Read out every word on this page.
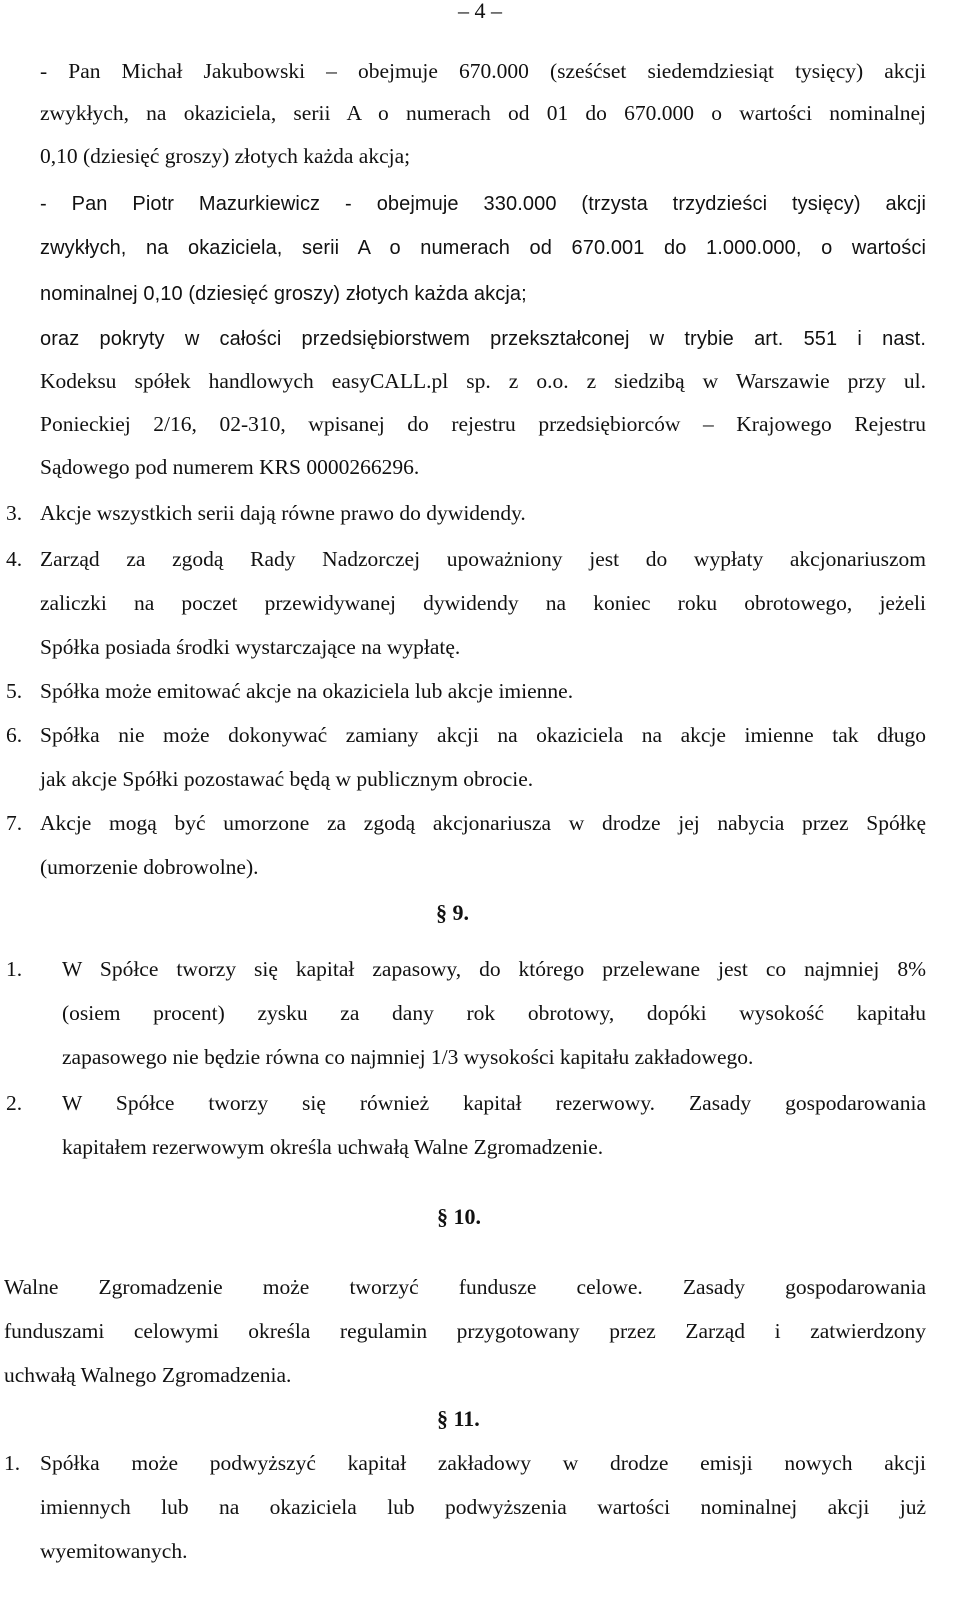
– 4 –
- Pan Michał Jakubowski – obejmuje 670.000 (sześćset siedemdziesiąt tysięcy) akcji
zwykłych, na okaziciela, serii A o numerach od 01 do 670.000 o wartości nominalnej
0,10 (dziesięć groszy) złotych każda akcja;
- Pan Piotr Mazurkiewicz - obejmuje 330.000 (trzysta trzydzieści tysięcy) akcji
zwykłych, na okaziciela, serii A o numerach od 670.001 do 1.000.000, o wartości
nominalnej 0,10 (dziesięć groszy) złotych każda akcja;
oraz pokryty w całości przedsiębiorstwem przekształconej w trybie art. 551 i nast.
Kodeksu spółek handlowych easyCALL.pl sp. z o.o. z siedzibą w Warszawie przy ul.
Ponieckiej 2/16, 02-310, wpisanej do rejestru przedsiębiorców – Krajowego Rejestru
Sądowego pod numerem KRS 0000266296.
3. Akcje wszystkich serii dają równe prawo do dywidendy.
4. Zarząd za zgodą Rady Nadzorczej upoważniony jest do wypłaty akcjonariuszom
zaliczki na poczet przewidywanej dywidendy na koniec roku obrotowego, jeżeli
Spółka posiada środki wystarczające na wypłatę.
5. Spółka może emitować akcje na okaziciela lub akcje imienne.
6. Spółka nie może dokonywać zamiany akcji na okaziciela na akcje imienne tak długo
jak akcje Spółki pozostawać będą w publicznym obrocie.
7. Akcje mogą być umorzone za zgodą akcjonariusza w drodze jej nabycia przez Spółkę
(umorzenie dobrowolne).
§ 9.
1. W Spółce tworzy się kapitał zapasowy, do którego przelewane jest co najmniej 8%
(osiem procent) zysku za dany rok obrotowy, dopóki wysokość kapitału
zapasowego nie będzie równa co najmniej 1/3 wysokości kapitału zakładowego.
2. W Spółce tworzy się również kapitał rezerwowy. Zasady gospodarowania
kapitałem rezerwowym określa uchwałą Walne Zgromadzenie.
§ 10.
Walne Zgromadzenie może tworzyć fundusze celowe. Zasady gospodarowania
funduszami celowymi określa regulamin przygotowany przez Zarząd i zatwierdzony
uchwałą Walnego Zgromadzenia.
§ 11.
1. Spółka może podwyższyć kapitał zakładowy w drodze emisji nowych akcji
imiennych lub na okaziciela lub podwyższenia wartości nominalnej akcji już
wyemitowanych.
